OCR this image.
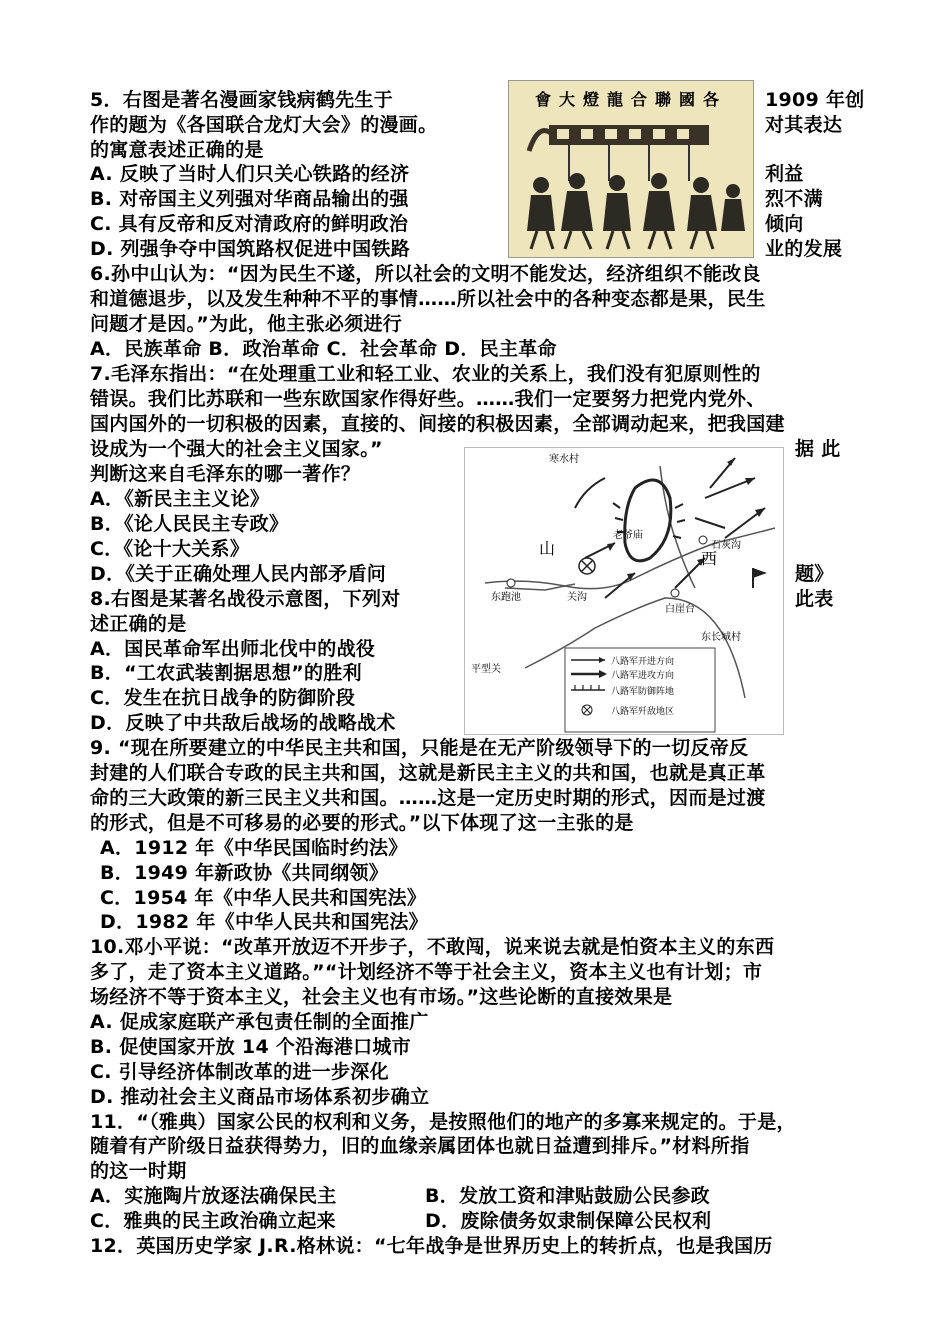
5．右图是著名漫画家钱病鹤先生于	1909 年创
作的题为《各国联合龙灯大会》的漫画。	对其表达
的寓意表述正确的是
A. 反映了当时人们只关心铁路的经济	利益
B. 对帝国主义列强对华商品输出的强	烈不满
C. 具有反帝和反对清政府的鲜明政治	倾向
D. 列强争夺中国筑路权促进中国铁路	业的发展
會大燈龍合聯國各
6.孙中山认为：“因为民生不遂，所以社会的文明不能发达，经济组织不能改良
和道德退步，以及发生种种不平的事情……所以社会中的各种变态都是果，民生
问题才是因。”为此，他主张必须进行
A．民族革命 B．政治革命 C．社会革命 D．民主革命
7.毛泽东指出：“在处理重工业和轻工业、农业的关系上，我们没有犯原则性的
错误。我们比苏联和一些东欧国家作得好些。……我们一定要努力把党内党外、
国内国外的一切积极的因素，直接的、间接的积极因素，全部调动起来，把我国建
设成为一个强大的社会主义国家。”	据 此
判断这来自毛泽东的哪一著作？
A．《新民主主义论》
B．《论人民民主专政》
C．《论十大关系》
D．《关于正确处理人民内部矛盾问	题》
8.右图是某著名战役示意图，下列对	此表
述正确的是
A．国民革命军出师北伐中的战役
B．“工农武装割据思想”的胜利
C．发生在抗日战争的防御阶段
D．反映了中共敌后战场的战略战术
寒水村
老爷庙
石灰沟
东跑池	关沟
白崖台
东长城村
平型关
山
西
八路军开进方向
八路军进攻方向
八路军防御阵地
八路军歼敌地区
9. “现在所要建立的中华民主共和国，只能是在无产阶级领导下的一切反帝反
封建的人们联合专政的民主共和国，这就是新民主主义的共和国，也就是真正革
命的三大政策的新三民主义共和国。……这是一定历史时期的形式，因而是过渡
的形式，但是不可移易的必要的形式。”以下体现了这一主张的是
A．1912 年《中华民国临时约法》
B．1949 年新政协《共同纲领》
C．1954 年《中华人民共和国宪法》
D．1982 年《中华人民共和国宪法》
10.邓小平说：“改革开放迈不开步子，不敢闯，说来说去就是怕资本主义的东西
多了，走了资本主义道路。”“计划经济不等于社会主义，资本主义也有计划；市
场经济不等于资本主义，社会主义也有市场。”这些论断的直接效果是
A. 促成家庭联产承包责任制的全面推广
B. 促使国家开放 14 个沿海港口城市
C. 引导经济体制改革的进一步深化
D. 推动社会主义商品市场体系初步确立
11．“（雅典）国家公民的权利和义务，是按照他们的地产的多寡来规定的。于是，
随着有产阶级日益获得势力，旧的血缘亲属团体也就日益遭到排斥。”材料所指
的这一时期
A．实施陶片放逐法确保民主	B．发放工资和津贴鼓励公民参政
C．雅典的民主政治确立起来	D．废除债务奴隶制保障公民权利
12．英国历史学家 J.R.格林说：“七年战争是世界历史上的转折点，也是我国历
